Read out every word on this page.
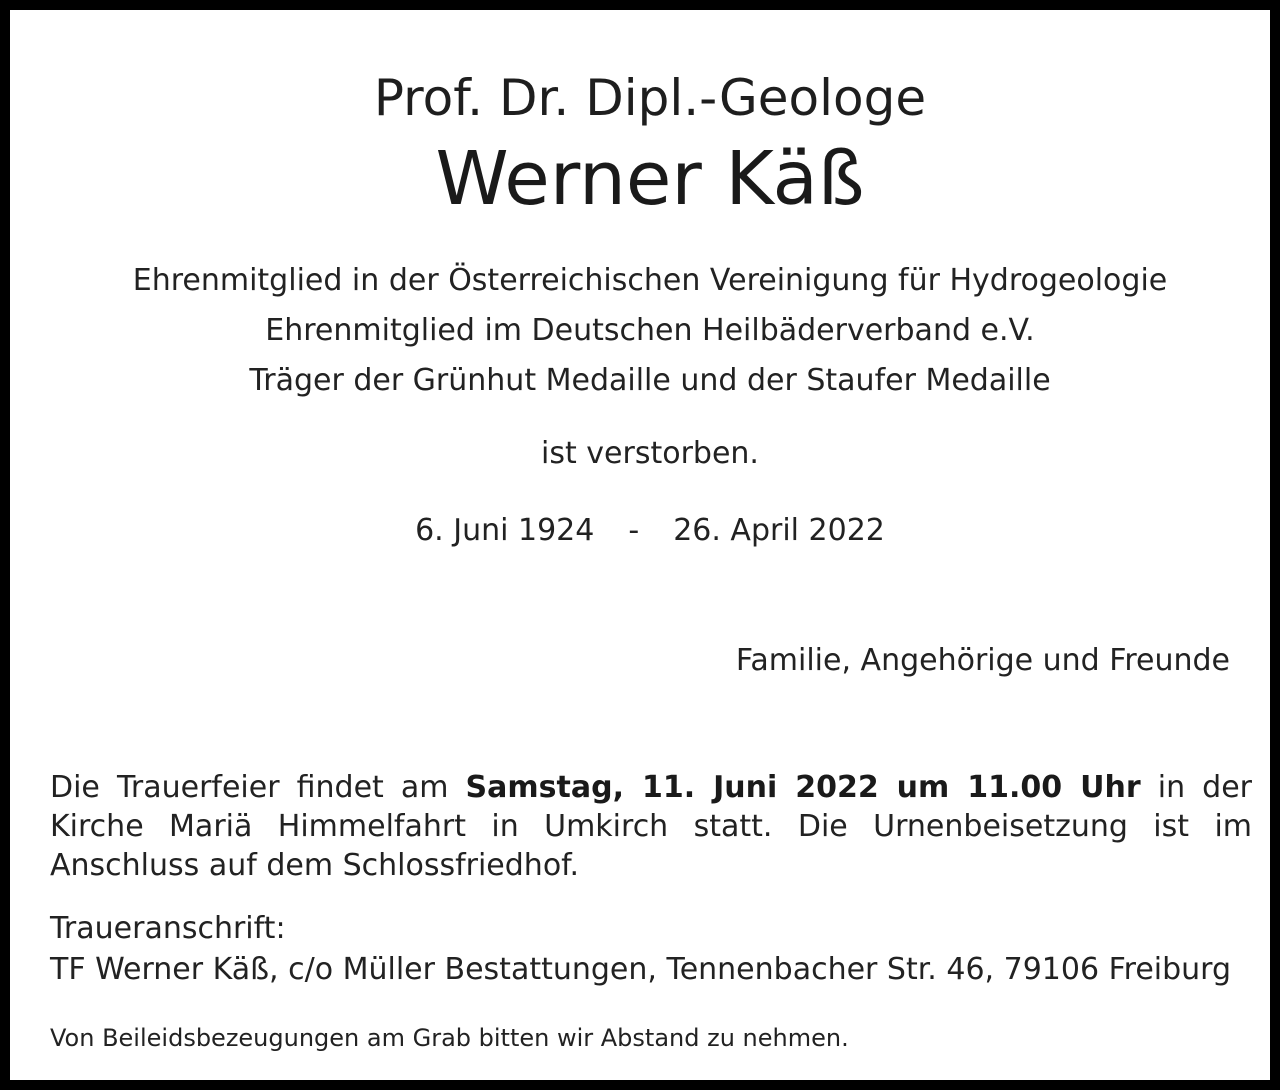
Prof. Dr. Dipl.-Geologe
Werner Käß
Ehrenmitglied in der Österreichischen Vereinigung für Hydrogeologie
Ehrenmitglied im Deutschen Heilbäderverband e.V.
Träger der Grünhut Medaille und der Staufer Medaille
ist verstorben.
6. Juni 1924 - 26. April 2022
Familie, Angehörige und Freunde
Die Trauerfeier findet am Samstag, 11. Juni 2022 um 11.00 Uhr in der Kirche Mariä Himmelfahrt in Umkirch statt. Die Urnenbeisetzung ist im Anschluss auf dem Schlossfriedhof.
Traueranschrift:
TF Werner Käß, c/o Müller Bestattungen, Tennenbacher Str. 46, 79106 Freiburg
Von Beileidsbezeugungen am Grab bitten wir Abstand zu nehmen.
